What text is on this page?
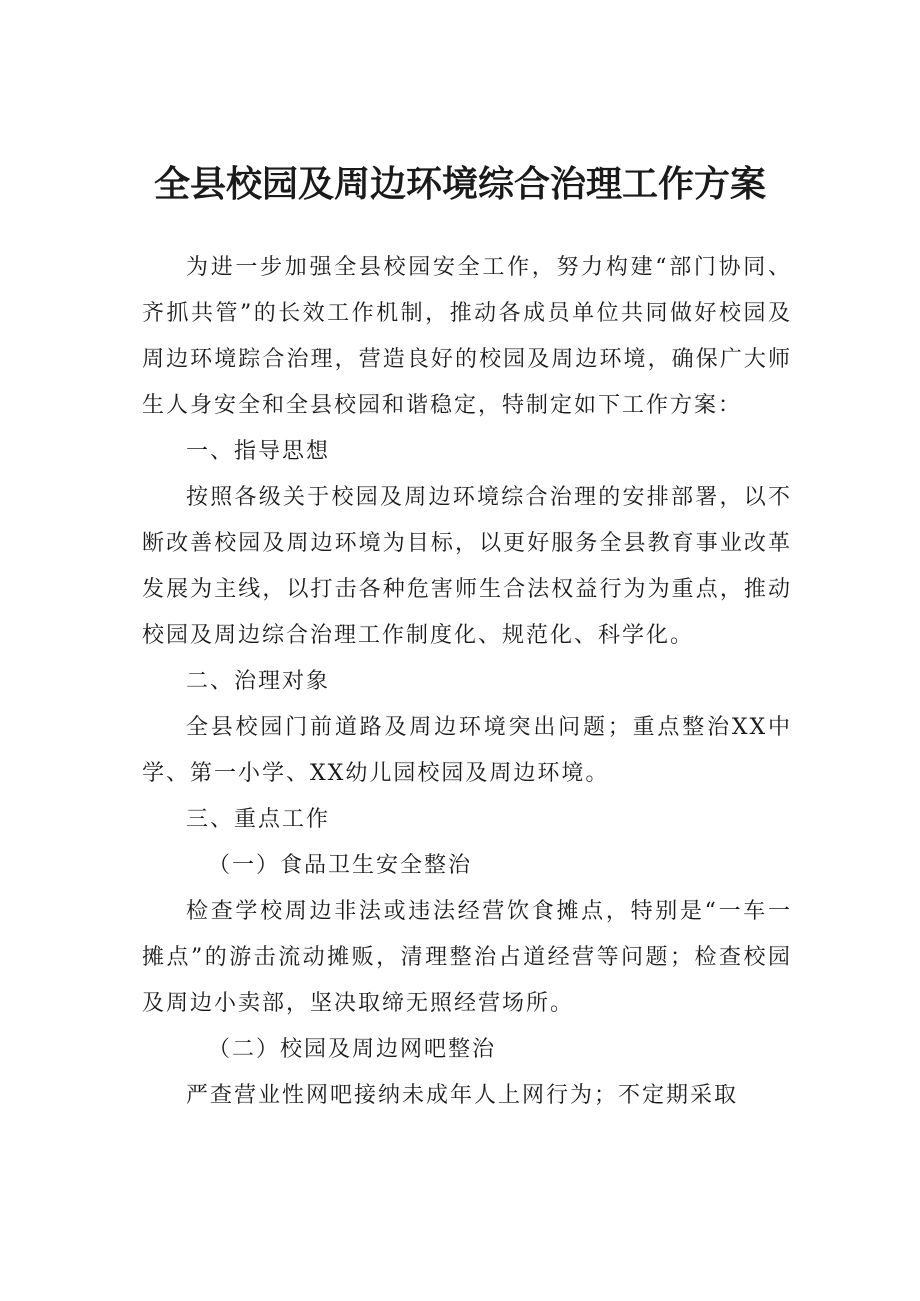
全县校园及周边环境综合治理工作方案

为进一步加强全县校园安全工作，努力构建“部门协同、齐抓共管”的长效工作机制，推动各成员单位共同做好校园及周边环境踪合治理，营造良好的校园及周边环境，确保广大师生人身安全和全县校园和谐稳定，特制定如下工作方案：

一、指导思想

按照各级关于校园及周边环境综合治理的安排部署，以不断改善校园及周边环境为目标，以更好服务全县教育事业改革发展为主线，以打击各种危害师生合法权益行为为重点，推动校园及周边综合治理工作制度化、规范化、科学化。

二、治理对象

全县校园门前道路及周边环境突出问题；重点整治XX中学、第一小学、XX幼儿园校园及周边环境。

三、重点工作

（一）食品卫生安全整治

检查学校周边非法或违法经营饮食摊点，特别是“一车一摊点”的游击流动摊贩，清理整治占道经营等问题；检查校园及周边小卖部，坚决取缔无照经营场所。

（二）校园及周边网吧整治

严查营业性网吧接纳未成年人上网行为；不定期采取
